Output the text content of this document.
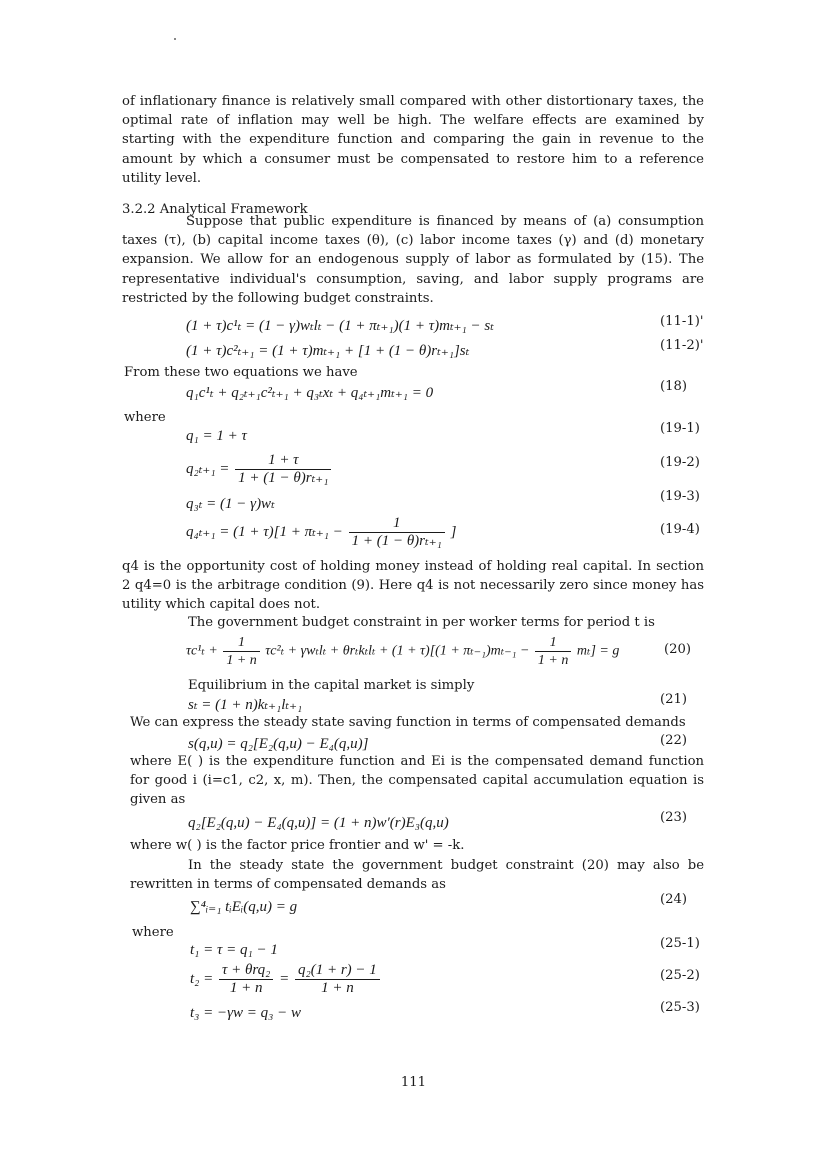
of inflationary finance is relatively small compared with other distortionary taxes, the optimal rate of inflation may well be high. The welfare effects are examined by starting with the expenditure function and comparing the gain in revenue to the amount by which a consumer must be compensated to restore him to a reference utility level.
3.2.2 Analytical Framework
Suppose that public expenditure is financed by means of (a) consumption taxes (τ), (b) capital income taxes (θ), (c) labor income taxes (γ) and (d) monetary expansion. We allow for an endogenous supply of labor as formulated by (15). The representative individual's consumption, saving, and labor supply programs are restricted by the following budget constraints.
(1 + τ)c¹ₜ = (1 − γ)wₜlₜ − (1 + πₜ₊₁)(1 + τ)mₜ₊₁ − sₜ	(11-1)'
(1 + τ)c²ₜ₊₁ = (1 + τ)mₜ₊₁ + [1 + (1 − θ)rₜ₊₁]sₜ	(11-2)'
From these two equations we have
q₁c¹ₜ + q₂ₜ₊₁c²ₜ₊₁ + q₃ₜxₜ + q₄ₜ₊₁mₜ₊₁ = 0	(18)
where
q₁ = 1 + τ	(19-1)
$q_{2t+1} = \frac{1 + \tau}{\text{1 + (1 − θ)rₜ₊₁}}$	(19-2)
q₃ₜ = (1 − γ)wₜ	(19-3)
$q_{4t+1} = (1 + \tau)[1 + \pi_{t+1} - \frac{1}{\text{1 + (1 − θ)rₜ₊₁}}$ ]	(19-4)
q4 is the opportunity cost of holding money instead of holding real capital. In section 2 q4=0 is the arbitrage condition (9). Here q4 is not necessarily zero since money has utility which capital does not.
The government budget constraint in per worker terms for period t is
$\tau c^1_t + \frac{1}{1 + n} \tau c^2_t + \gamma w_tl_t + \theta r_tk_tl_t + (1 + \tau)[(1 + \pi_{t-1})m_{t-1} - \frac{1}{1 + n} m_t] = g$	(20)
Equilibrium in the capital market is simply
sₜ = (1 + n)kₜ₊₁lₜ₊₁	(21)
We can express the steady state saving function in terms of compensated demands
s(q,u) = q₂[E₂(q,u) − E₄(q,u)]	(22)
where E( ) is the expenditure function and Ei is the compensated demand function for good i (i=c1, c2, x, m). Then, the compensated capital accumulation equation is given as
q₂[E₂(q,u) − E₄(q,u)] = (1 + n)w′(r)E₃(q,u)	(23)
where w( ) is the factor price frontier and w' = -k.
In the steady state the government budget constraint (20) may also be rewritten in terms of compensated demands as
∑⁴ᵢ₌₁ tᵢEᵢ(q,u) = g	(24)
where
t₁ = τ = q₁ − 1	(25-1)
$t_2 = \frac{\text{τ + θrq₂}}{1 + n} = \frac{\text{q₂(1 + r) − 1}}{1 + n}$	(25-2)
t₃ = −γw = q₃ − w	(25-3)
111
